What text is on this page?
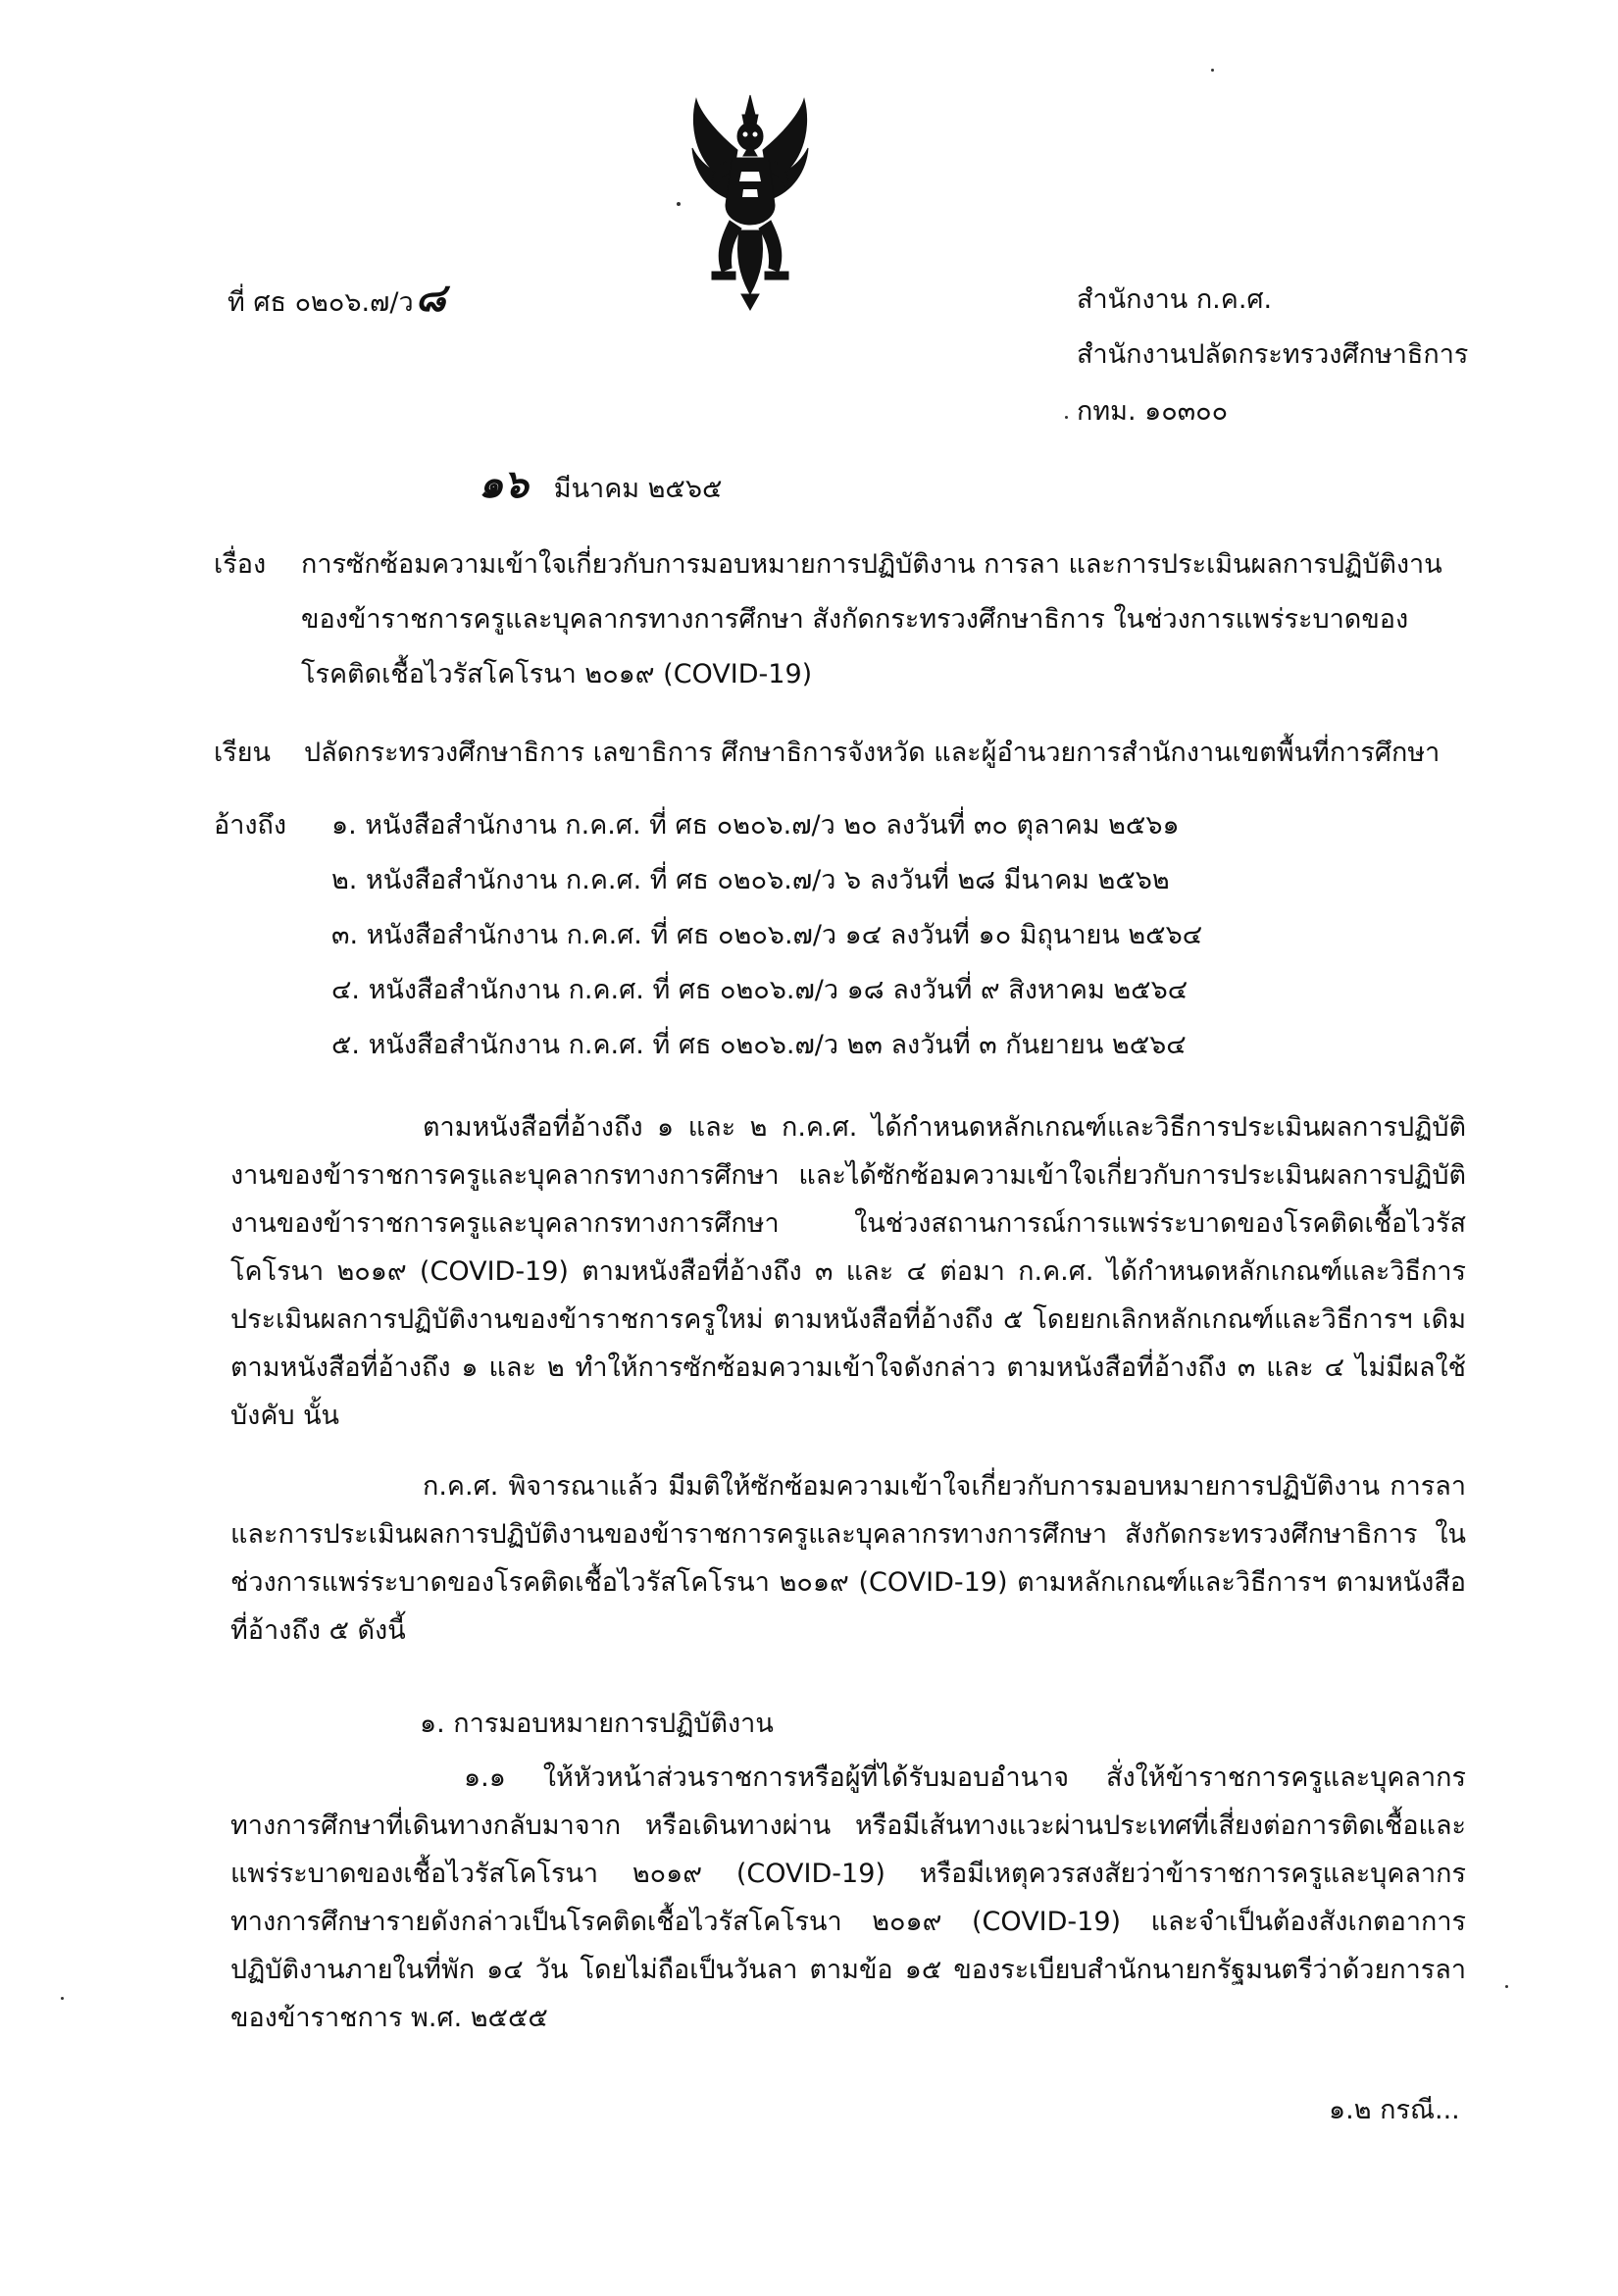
ที่ ศธ ๐๒๐๖.๗/ว๘	สำนักงาน ก.ค.ศ.
สำนักงานปลัดกระทรวงศึกษาธิการ
กทม. ๑๐๓๐๐
๑๖ มีนาคม ๒๕๖๕
เรื่อง การซักซ้อมความเข้าใจเกี่ยวกับการมอบหมายการปฏิบัติงาน การลา และการประเมินผลการปฏิบัติงาน
ของข้าราชการครูและบุคลากรทางการศึกษา สังกัดกระทรวงศึกษาธิการ ในช่วงการแพร่ระบาดของ
โรคติดเชื้อไวรัสโคโรนา ๒๐๑๙ (COVID-19)
เรียน ปลัดกระทรวงศึกษาธิการ เลขาธิการ ศึกษาธิการจังหวัด และผู้อำนวยการสำนักงานเขตพื้นที่การศึกษา
อ้างถึง ๑. หนังสือสำนักงาน ก.ค.ศ. ที่ ศธ ๐๒๐๖.๗/ว ๒๐ ลงวันที่ ๓๐ ตุลาคม ๒๕๖๑
๒. หนังสือสำนักงาน ก.ค.ศ. ที่ ศธ ๐๒๐๖.๗/ว ๖ ลงวันที่ ๒๘ มีนาคม ๒๕๖๒
๓. หนังสือสำนักงาน ก.ค.ศ. ที่ ศธ ๐๒๐๖.๗/ว ๑๔ ลงวันที่ ๑๐ มิถุนายน ๒๕๖๔
๔. หนังสือสำนักงาน ก.ค.ศ. ที่ ศธ ๐๒๐๖.๗/ว ๑๘ ลงวันที่ ๙ สิงหาคม ๒๕๖๔
๕. หนังสือสำนักงาน ก.ค.ศ. ที่ ศธ ๐๒๐๖.๗/ว ๒๓ ลงวันที่ ๓ กันยายน ๒๕๖๔

ตามหนังสือที่อ้างถึง ๑ และ ๒ ก.ค.ศ. ได้กำหนดหลักเกณฑ์และวิธีการประเมินผลการปฏิบัติงานของข้าราชการครูและบุคลากรทางการศึกษา และได้ซักซ้อมความเข้าใจเกี่ยวกับการประเมินผลการปฏิบัติงานของข้าราชการครูและบุคลากรทางการศึกษา ในช่วงสถานการณ์การแพร่ระบาดของโรคติดเชื้อไวรัสโคโรนา ๒๐๑๙ (COVID-19) ตามหนังสือที่อ้างถึง ๓ และ ๔ ต่อมา ก.ค.ศ. ได้กำหนดหลักเกณฑ์และวิธีการประเมินผลการปฏิบัติงานของข้าราชการครูใหม่ ตามหนังสือที่อ้างถึง ๕ โดยยกเลิกหลักเกณฑ์และวิธีการฯ เดิม ตามหนังสือที่อ้างถึง ๑ และ ๒ ทำให้การซักซ้อมความเข้าใจดังกล่าว ตามหนังสือที่อ้างถึง ๓ และ ๔ ไม่มีผลใช้บังคับ นั้น

ก.ค.ศ. พิจารณาแล้ว มีมติให้ซักซ้อมความเข้าใจเกี่ยวกับการมอบหมายการปฏิบัติงาน การลา และการประเมินผลการปฏิบัติงานของข้าราชการครูและบุคลากรทางการศึกษา สังกัดกระทรวงศึกษาธิการ ในช่วงการแพร่ระบาดของโรคติดเชื้อไวรัสโคโรนา ๒๐๑๙ (COVID-19) ตามหลักเกณฑ์และวิธีการฯ ตามหนังสือที่อ้างถึง ๕ ดังนี้

๑. การมอบหมายการปฏิบัติงาน

๑.๑ ให้หัวหน้าส่วนราชการหรือผู้ที่ได้รับมอบอำนาจ สั่งให้ข้าราชการครูและบุคลากรทางการศึกษาที่เดินทางกลับมาจาก หรือเดินทางผ่าน หรือมีเส้นทางแวะผ่านประเทศที่เสี่ยงต่อการติดเชื้อและแพร่ระบาดของเชื้อไวรัสโคโรนา ๒๐๑๙ (COVID-19) หรือมีเหตุควรสงสัยว่าข้าราชการครูและบุคลากรทางการศึกษารายดังกล่าวเป็นโรคติดเชื้อไวรัสโคโรนา ๒๐๑๙ (COVID-19) และจำเป็นต้องสังเกตอาการปฏิบัติงานภายในที่พัก ๑๔ วัน โดยไม่ถือเป็นวันลา ตามข้อ ๑๕ ของระเบียบสำนักนายกรัฐมนตรีว่าด้วยการลาของข้าราชการ พ.ศ. ๒๕๕๕

๑.๒ กรณี...
